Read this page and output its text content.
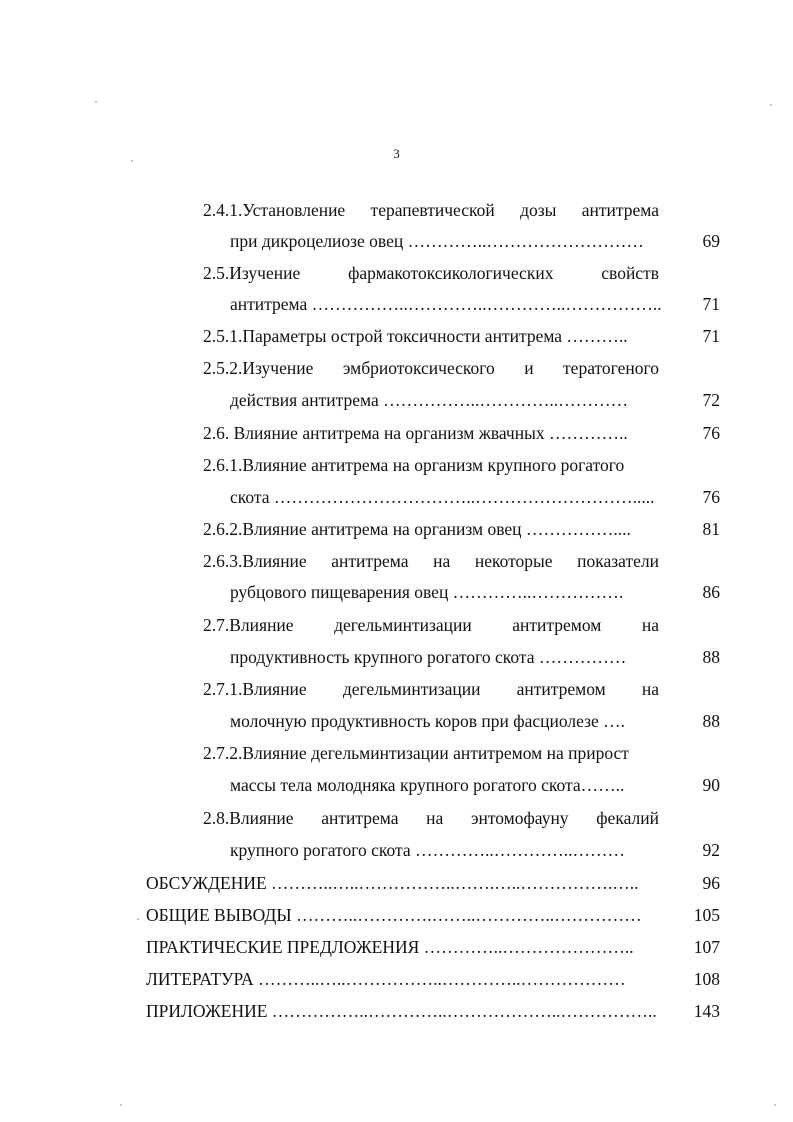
3
2.4.1.Установление терапевтической дозы антитрема
при дикроцелиозе овец …………..………………………	69
2.5.Изучение	фармакотоксикологических	свойств
антитрема ……………..…………..…………..……………..	71
2.5.1.Параметры острой токсичности антитрема ………..	71
2.5.2.Изучение эмбриотоксического и тератогеного
действия антитрема ……………..…………..…………	72
2.6. Влияние антитрема на организм жвачных …………..	76
2.6.1.Влияние антитрема на организм крупного рогатого
скота ……………………………..……………………….....	76
2.6.2.Влияние антитрема на организм овец ……………....	81
2.6.3.Влияние антитрема на некоторые показатели
рубцового пищеварения овец …………..…………….	86
2.7.Влияние дегельминтизации антитремом на
продуктивность крупного рогатого скота ……………	88
2.7.1.Влияние дегельминтизации антитремом на
молочную продуктивность коров при фасциолезе ….	88
2.7.2.Влияние дегельминтизации антитремом на прирост
массы тела молодняка крупного рогатого скота……..	90
2.8.Влияние антитрема на энтомофауну фекалий
крупного рогатого скота …………..…………..………	92
ОБСУЖДЕНИЕ ………..…..……………..…….…..…………….…..	96
ОБЩИЕ ВЫВОДЫ ………..………….……..…………..……………	105
ПРАКТИЧЕСКИЕ ПРЕДЛОЖЕНИЯ …………..…………………..	107
ЛИТЕРАТУРА ………..…..……………..…………..………………	108
ПРИЛОЖЕНИЕ ……………..…………..………………..……………..	143
